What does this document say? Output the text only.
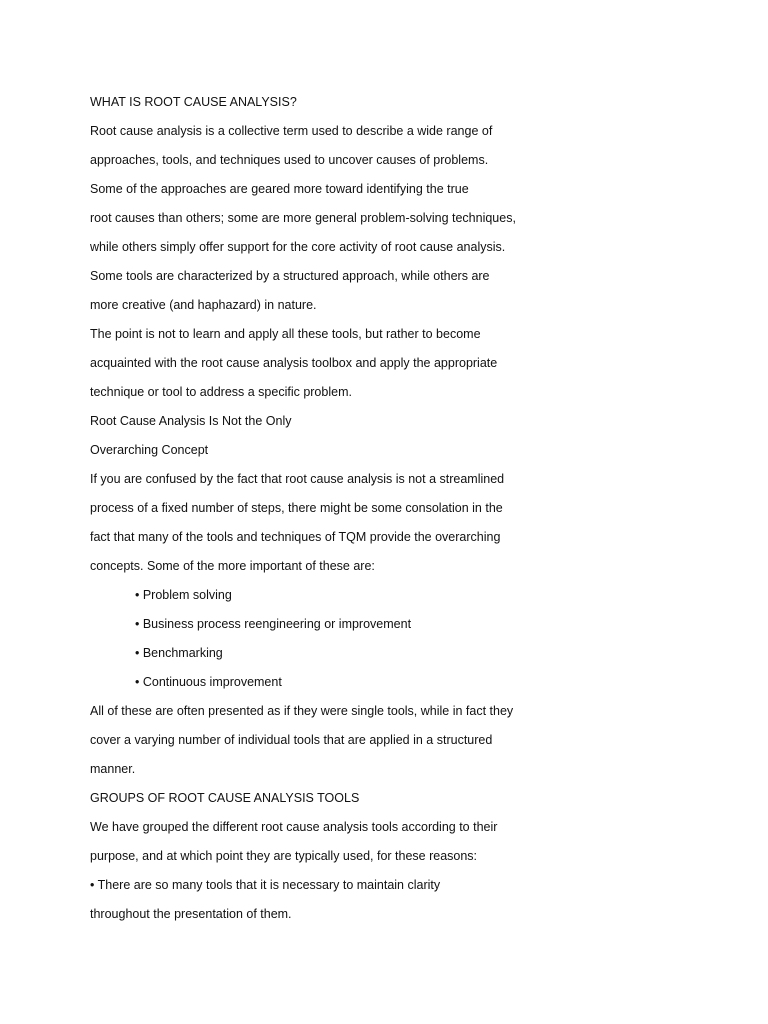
WHAT IS ROOT CAUSE ANALYSIS?

Root cause analysis is a collective term used to describe a wide range of

approaches, tools, and techniques used to uncover causes of problems.

Some of the approaches are geared more toward identifying the true

root causes than others; some are more general problem-solving techniques,

while others simply offer support for the core activity of root cause analysis.

Some tools are characterized by a structured approach, while others are

more creative (and haphazard) in nature.

The point is not to learn and apply all these tools, but rather to become

acquainted with the root cause analysis toolbox and apply the appropriate

technique or tool to address a specific problem.

Root Cause Analysis Is Not the Only

Overarching Concept

If you are confused by the fact that root cause analysis is not a streamlined

process of a fixed number of steps, there might be some consolation in the

fact that many of the tools and techniques of TQM provide the overarching

concepts. Some of the more important of these are:

• Problem solving

• Business process reengineering or improvement

• Benchmarking

• Continuous improvement

All of these are often presented as if they were single tools, while in fact they

cover a varying number of individual tools that are applied in a structured

manner.

GROUPS OF ROOT CAUSE ANALYSIS TOOLS

We have grouped the different root cause analysis tools according to their

purpose, and at which point they are typically used, for these reasons:

• There are so many tools that it is necessary to maintain clarity

throughout the presentation of them.
